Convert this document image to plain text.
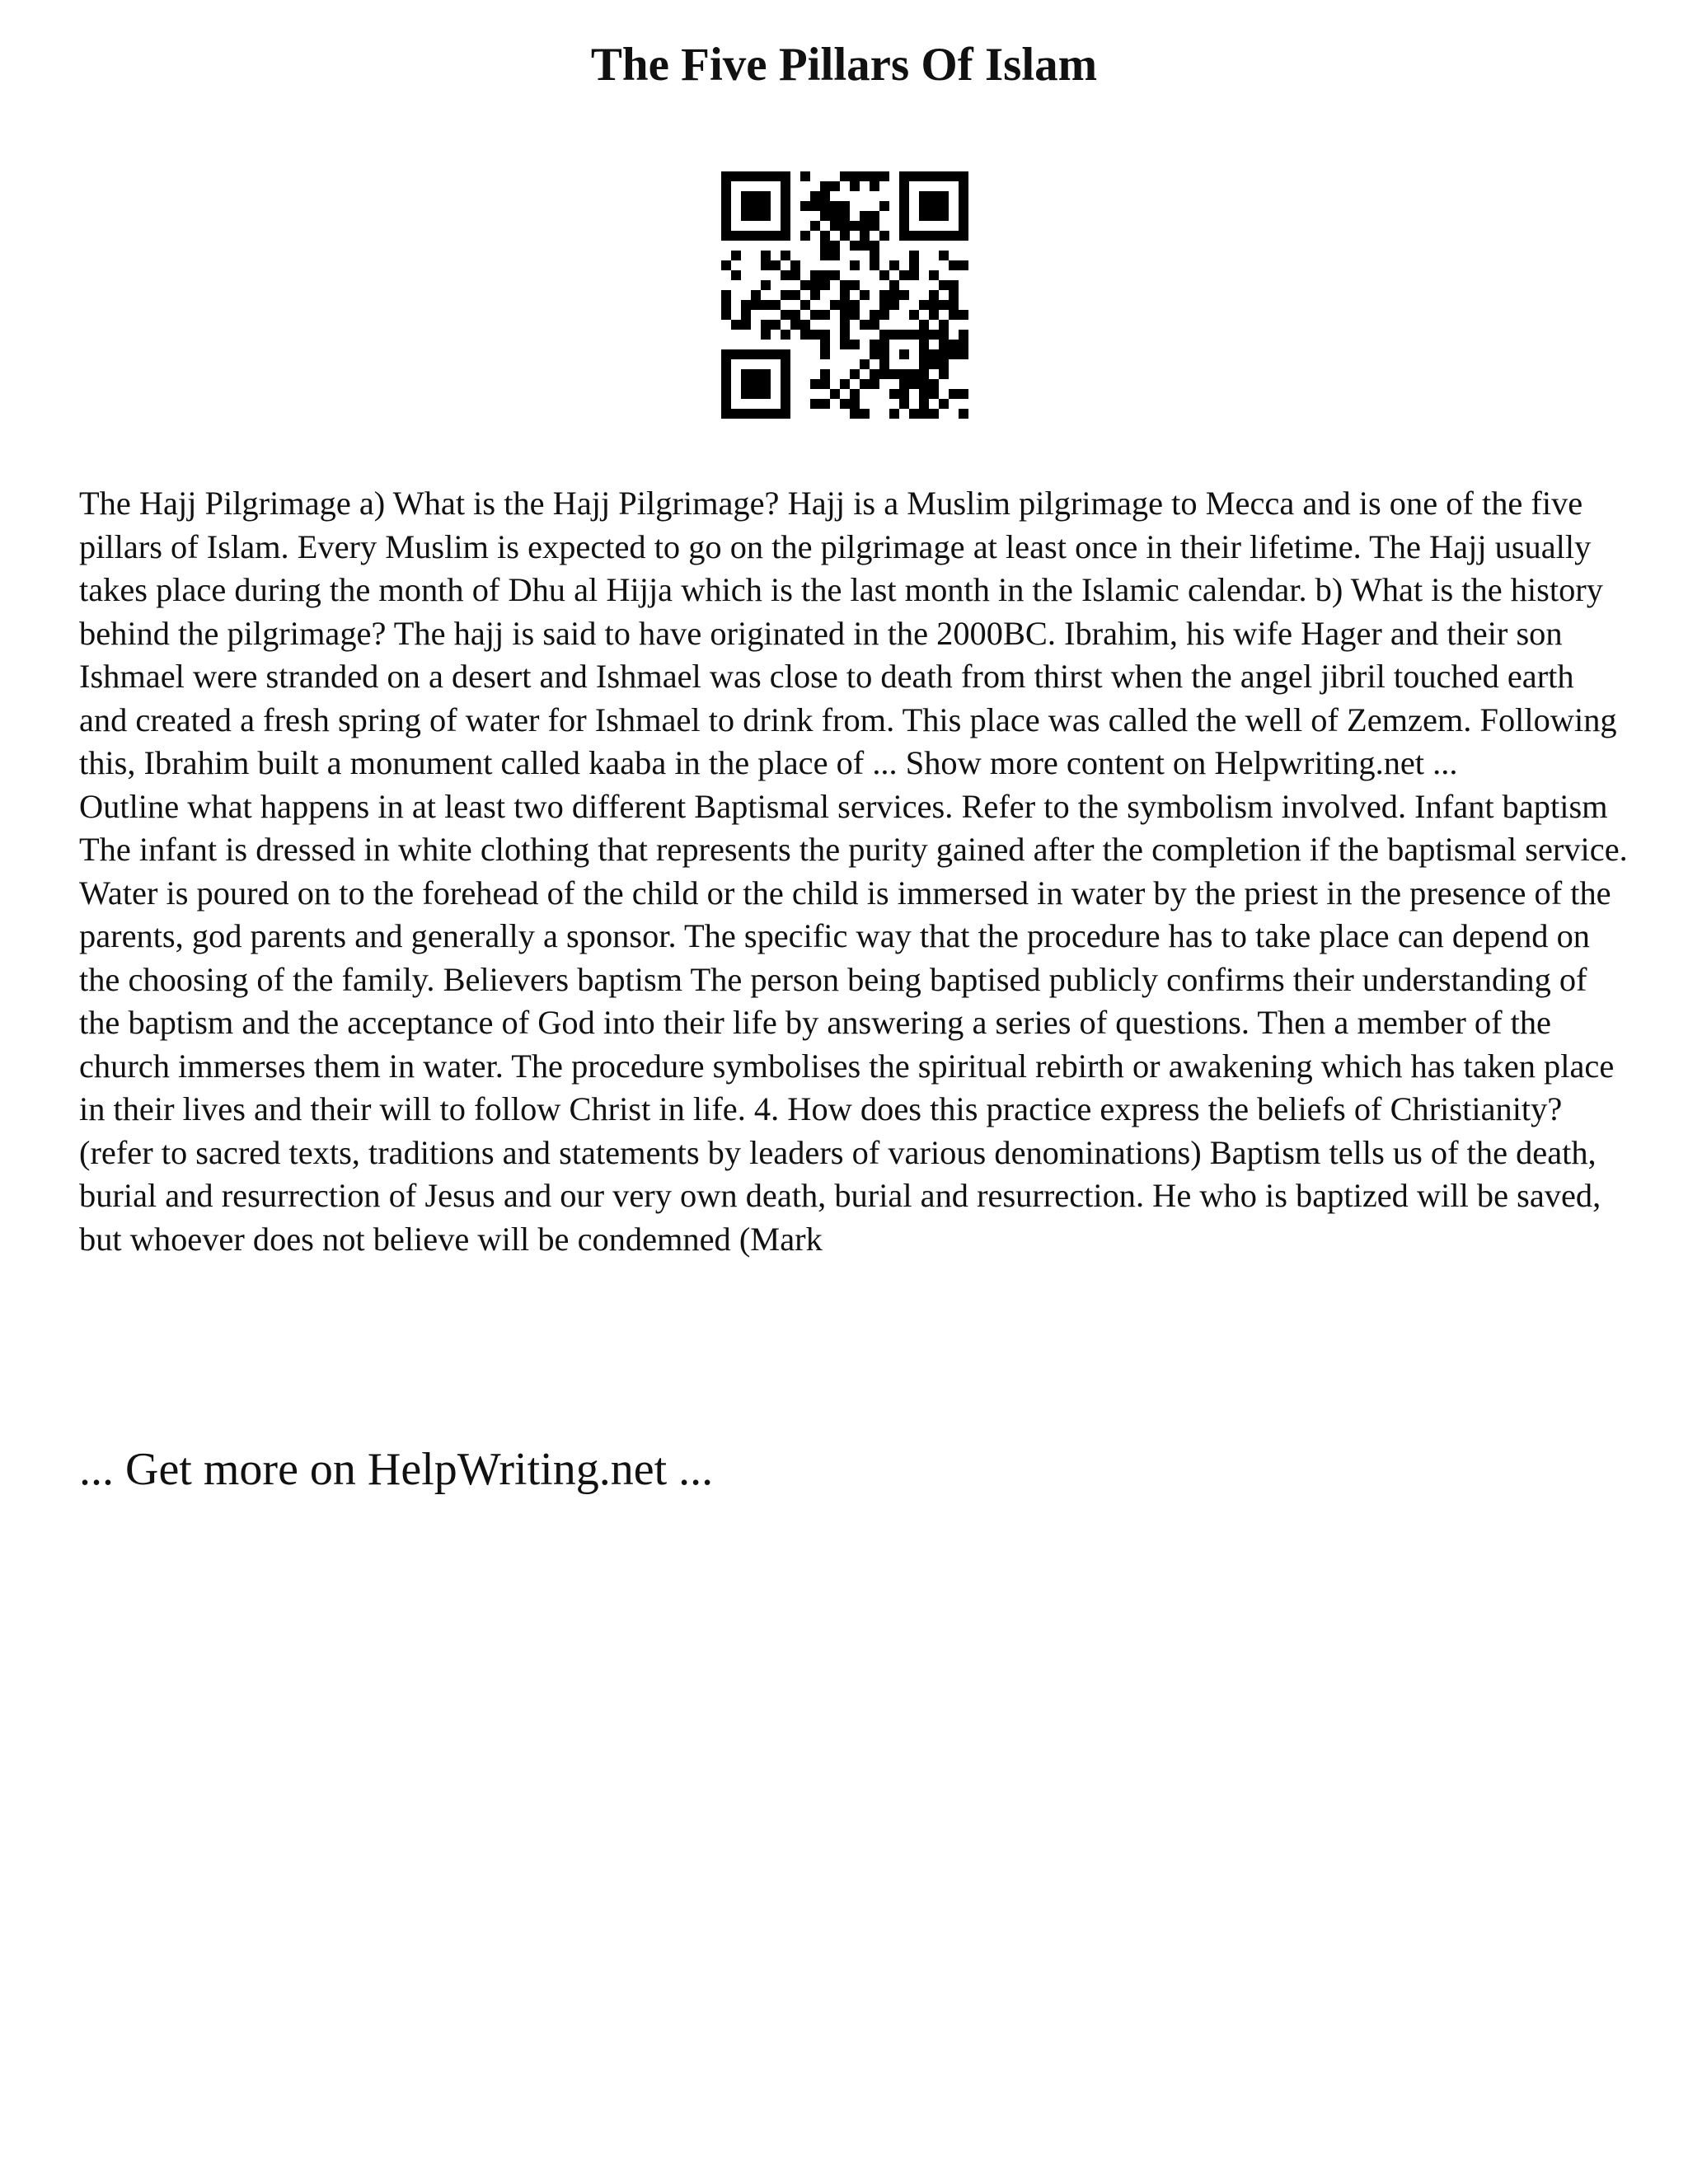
The Five Pillars Of Islam

The Hajj Pilgrimage a) What is the Hajj Pilgrimage? Hajj is a Muslim pilgrimage to Mecca and is one of the five pillars of Islam. Every Muslim is expected to go on the pilgrimage at least once in their lifetime. The Hajj usually takes place during the month of Dhu al Hijja which is the last month in the Islamic calendar. b) What is the history behind the pilgrimage? The hajj is said to have originated in the 2000BC. Ibrahim, his wife Hager and their son Ishmael were stranded on a desert and Ishmael was close to death from thirst when the angel jibril touched earth and created a fresh spring of water for Ishmael to drink from. This place was called the well of Zemzem. Following this, Ibrahim built a monument called kaaba in the place of ... Show more content on Helpwriting.net ...

Outline what happens in at least two different Baptismal services. Refer to the symbolism involved. Infant baptism The infant is dressed in white clothing that represents the purity gained after the completion if the baptismal service. Water is poured on to the forehead of the child or the child is immersed in water by the priest in the presence of the parents, god parents and generally a sponsor. The specific way that the procedure has to take place can depend on the choosing of the family. Believers baptism The person being baptised publicly confirms their understanding of the baptism and the acceptance of God into their life by answering a series of questions. Then a member of the church immerses them in water. The procedure symbolises the spiritual rebirth or awakening which has taken place in their lives and their will to follow Christ in life. 4. How does this practice express the beliefs of Christianity? (refer to sacred texts, traditions and statements by leaders of various denominations) Baptism tells us of the death, burial and resurrection of Jesus and our very own death, burial and resurrection. He who is baptized will be saved, but whoever does not believe will be condemned (Mark

... Get more on HelpWriting.net ...
